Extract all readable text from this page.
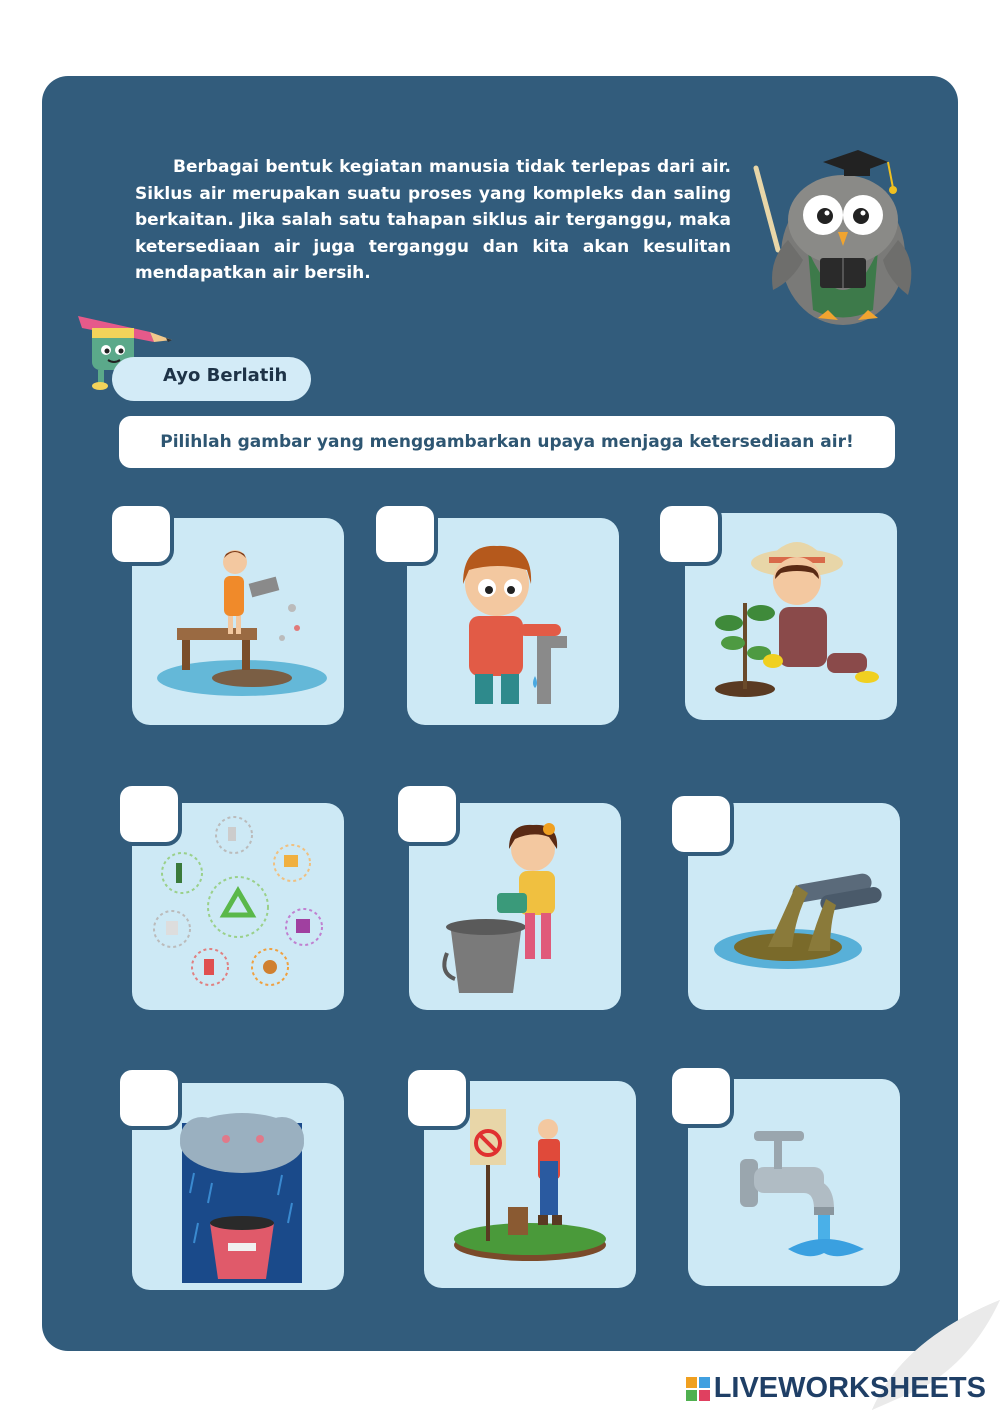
Berbagai bentuk kegiatan manusia tidak terlepas dari air. Siklus air merupakan suatu proses yang kompleks dan saling berkaitan. Jika salah satu tahapan siklus air terganggu, maka ketersediaan air juga terganggu dan kita akan kesulitan mendapatkan air bersih.

Ayo Berlatih
Pilihlah gambar yang menggambarkan upaya menjaga ketersediaan air!
LIVEWORKSHEETS
